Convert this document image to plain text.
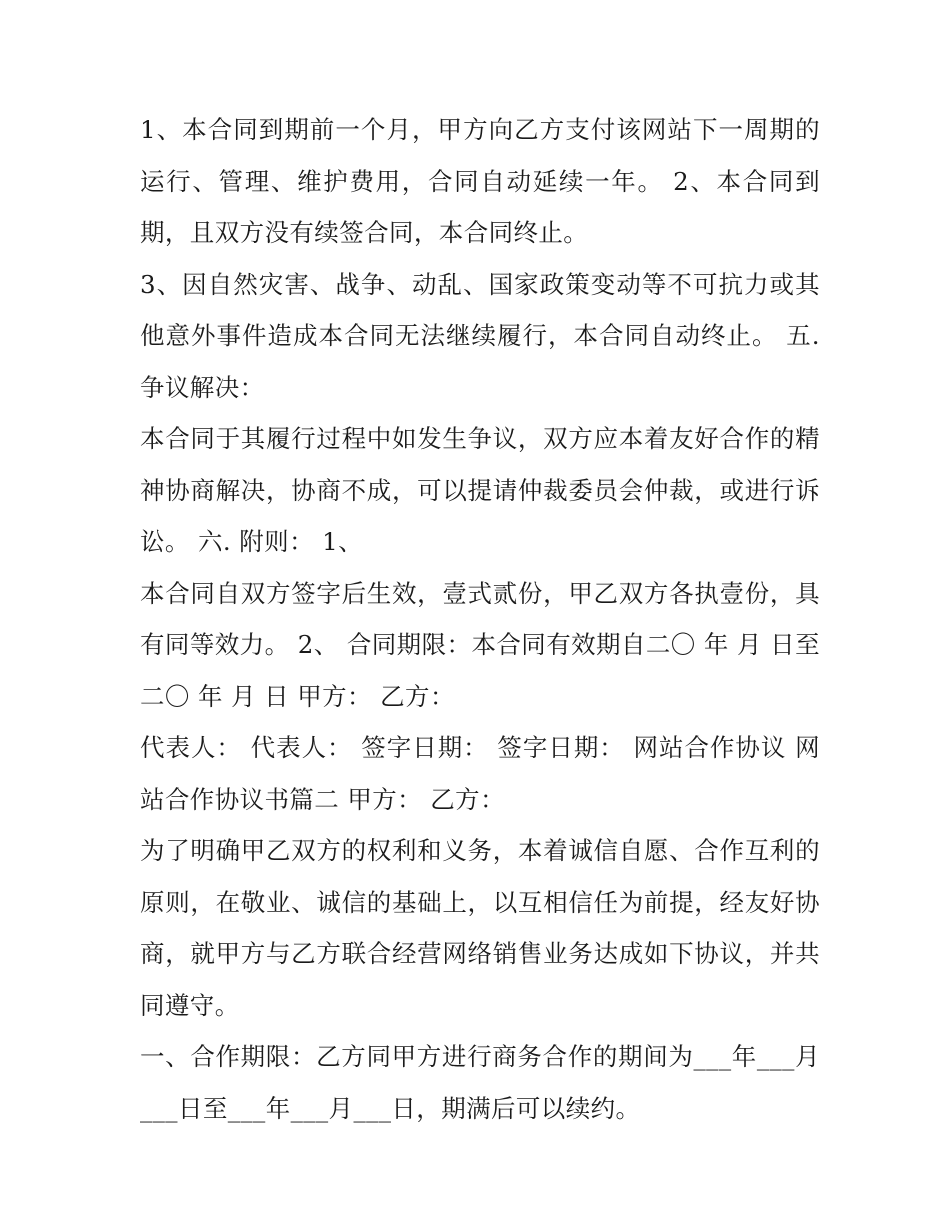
1、本合同到期前一个月，甲方向乙方支付该网站下一周期的运行、管理、维护费用，合同自动延续一年。 2、本合同到期，且双方没有续签合同，本合同终止。

3、因自然灾害、战争、动乱、国家政策变动等不可抗力或其他意外事件造成本合同无法继续履行，本合同自动终止。 五. 争议解决：

本合同于其履行过程中如发生争议，双方应本着友好合作的精神协商解决，协商不成，可以提请仲裁委员会仲裁，或进行诉讼。 六. 附则： 1、

本合同自双方签字后生效，壹式贰份，甲乙双方各执壹份，具有同等效力。 2、 合同期限：本合同有效期自二〇 年 月 日至二〇 年 月 日 甲方： 乙方：

代表人： 代表人： 签字日期： 签字日期： 网站合作协议 网站合作协议书篇二 甲方： 乙方：

为了明确甲乙双方的权利和义务，本着诚信自愿、合作互利的原则，在敬业、诚信的基础上，以互相信任为前提，经友好协商，就甲方与乙方联合经营网络销售业务达成如下协议，并共同遵守。

一、合作期限：乙方同甲方进行商务合作的期间为___年___月___日至___年___月___日，期满后可以续约。
